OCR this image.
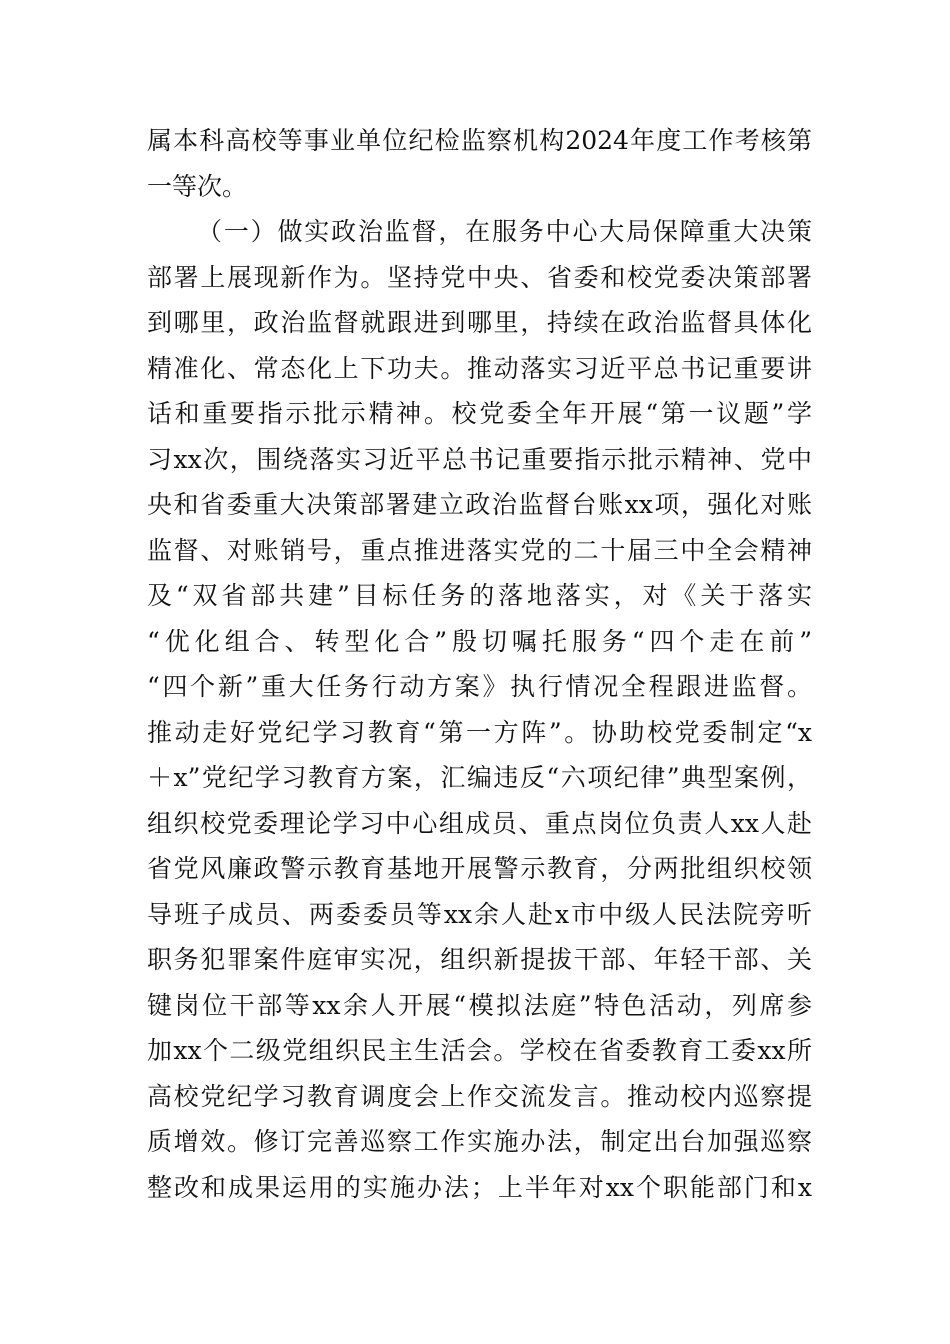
属本科高校等事业单位纪检监察机构2024年度工作考核第
一等次。
（一）做实政治监督，在服务中心大局保障重大决策
部署上展现新作为。坚持党中央、省委和校党委决策部署
到哪里，政治监督就跟进到哪里，持续在政治监督具体化
精准化、常态化上下功夫。推动落实习近平总书记重要讲
话和重要指示批示精神。校党委全年开展“第一议题”学
习xx次，围绕落实习近平总书记重要指示批示精神、党中
央和省委重大决策部署建立政治监督台账xx项，强化对账
监督、对账销号，重点推进落实党的二十届三中全会精神
及“双省部共建”目标任务的落地落实，对《关于落实
“优化组合、转型化合”殷切嘱托服务“四个走在前”
“四个新”重大任务行动方案》执行情况全程跟进监督。
推动走好党纪学习教育“第一方阵”。协助校党委制定“x
＋x”党纪学习教育方案，汇编违反“六项纪律”典型案例，
组织校党委理论学习中心组成员、重点岗位负责人xx人赴
省党风廉政警示教育基地开展警示教育，分两批组织校领
导班子成员、两委委员等xx余人赴x市中级人民法院旁听
职务犯罪案件庭审实况，组织新提拔干部、年轻干部、关
键岗位干部等xx余人开展“模拟法庭”特色活动，列席参
加xx个二级党组织民主生活会。学校在省委教育工委xx所
高校党纪学习教育调度会上作交流发言。推动校内巡察提
质增效。修订完善巡察工作实施办法，制定出台加强巡察
整改和成果运用的实施办法；上半年对xx个职能部门和x
